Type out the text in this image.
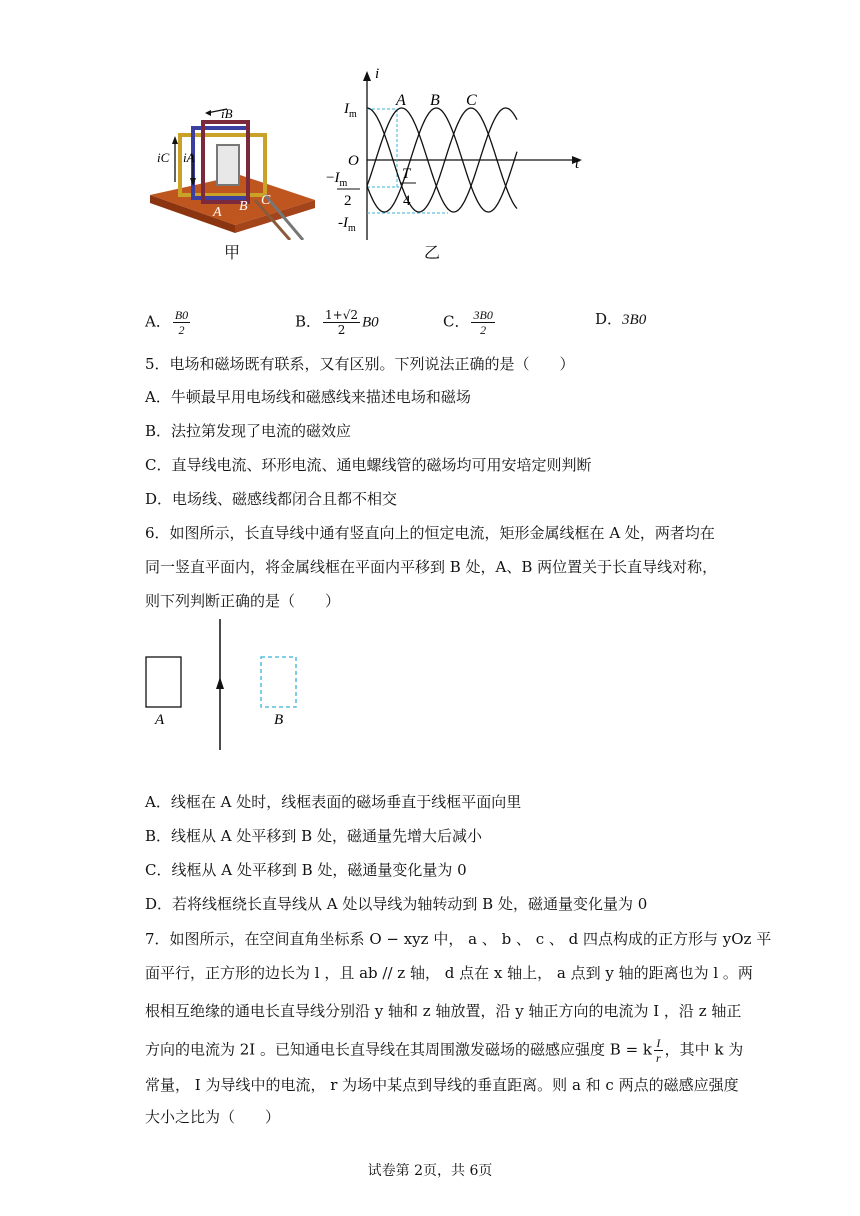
iB
iC iA
A B C
甲
i
t
O
$I_m$
$-I_m$
2
$-I_m$
T
4
A B C
乙
A． $\frac{B0}{2}$	B． $\frac{1+√2}{2} B0$	C． $\frac{3B0}{2}$	D．3B0
5．电场和磁场既有联系，又有区别。下列说法正确的是（　　）
A．牛顿最早用电场线和磁感线来描述电场和磁场
B．法拉第发现了电流的磁效应
C．直导线电流、环形电流、通电螺线管的磁场均可用安培定则判断
D．电场线、磁感线都闭合且都不相交
6．如图所示，长直导线中通有竖直向上的恒定电流，矩形金属线框在 A 处，两者均在
同一竖直平面内，将金属线框在平面内平移到 B 处，A、B 两位置关于长直导线对称，
则下列判断正确的是（　　）
A	B
A．线框在 A 处时，线框表面的磁场垂直于线框平面向里
B．线框从 A 处平移到 B 处，磁通量先增大后减小
C．线框从 A 处平移到 B 处，磁通量变化量为 0
D．若将线框绕长直导线从 A 处以导线为轴转动到 B 处，磁通量变化量为 0
7．如图所示，在空间直角坐标系 O − xyz 中， a 、 b 、 c 、 d 四点构成的正方形与 yOz 平
面平行，正方形的边长为 l ，且 ab // z 轴， d 点在 x 轴上， a 点到 y 轴的距离也为 l 。两
根相互绝缘的通电长直导线分别沿 y 轴和 z 轴放置，沿 y 轴正方向的电流为 I ，沿 z 轴正
方向的电流为 2I 。已知通电长直导线在其周围激发磁场的磁感应强度 B = k $\frac{I}{r}$ ，其中 k 为
常量， I 为导线中的电流， r 为场中某点到导线的垂直距离。则 a 和 c 两点的磁感应强度
大小之比为（　　）
试卷第 2页，共 6页
